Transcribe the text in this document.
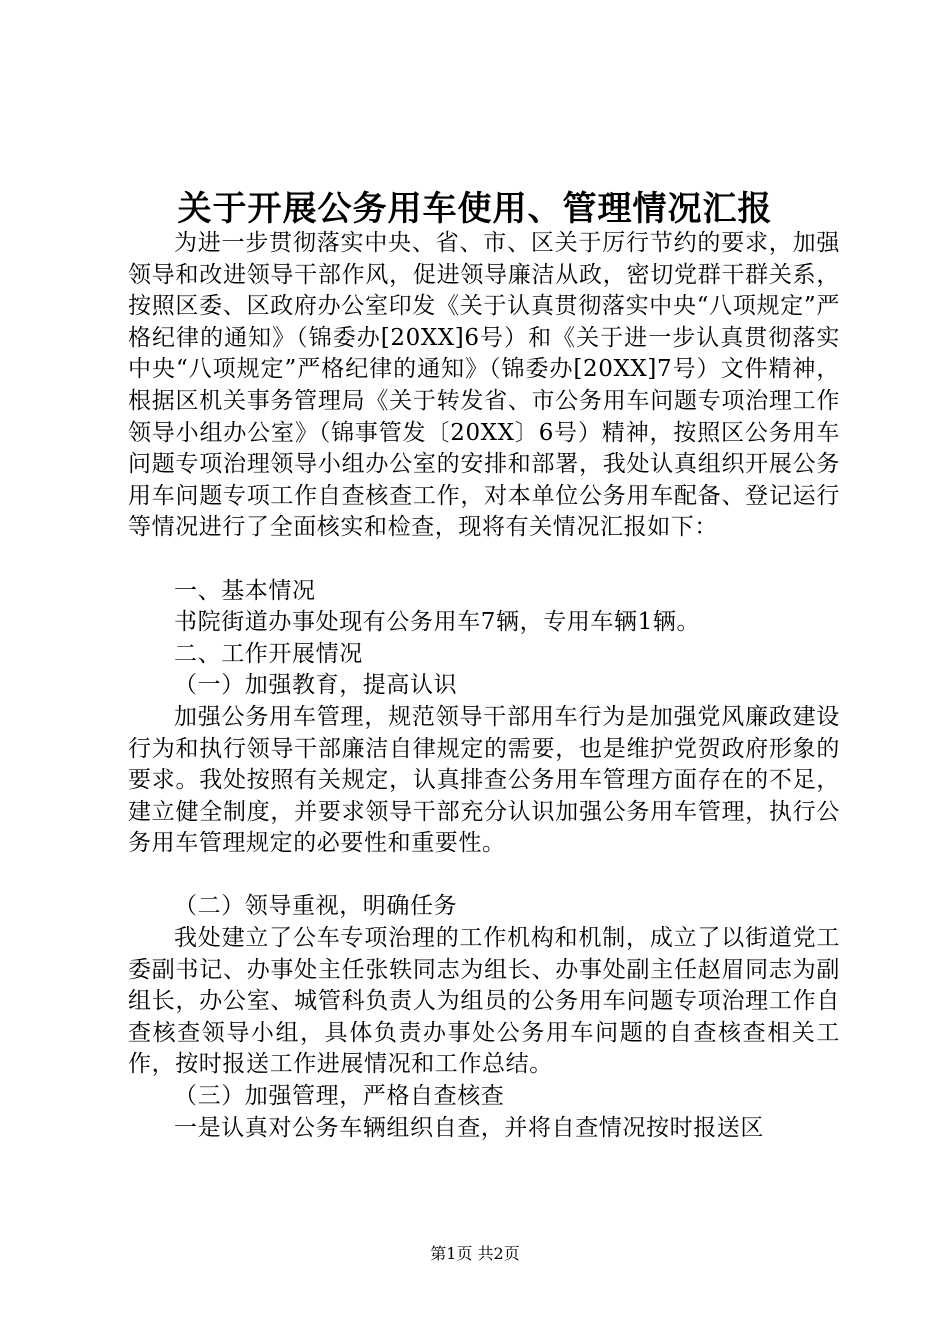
关于开展公务用车使用、管理情况汇报

为进一步贯彻落实中央、省、市、区关于厉行节约的要求，加强领导和改进领导干部作风，促进领导廉洁从政，密切党群干群关系，按照区委、区政府办公室印发《关于认真贯彻落实中央“八项规定”严格纪律的通知》（锦委办[20XX]6号）和《关于进一步认真贯彻落实中央“八项规定”严格纪律的通知》（锦委办[20XX]7号）文件精神，根据区机关事务管理局《关于转发省、市公务用车问题专项治理工作领导小组办公室》（锦事管发〔20XX〕6号）精神，按照区公务用车问题专项治理领导小组办公室的安排和部署，我处认真组织开展公务用车问题专项工作自查核查工作，对本单位公务用车配备、登记运行等情况进行了全面核实和检查，现将有关情况汇报如下：

一、基本情况

书院街道办事处现有公务用车7辆，专用车辆1辆。

二、工作开展情况

（一）加强教育，提高认识

加强公务用车管理，规范领导干部用车行为是加强党风廉政建设行为和执行领导干部廉洁自律规定的需要，也是维护党贺政府形象的要求。我处按照有关规定，认真排查公务用车管理方面存在的不足，建立健全制度，并要求领导干部充分认识加强公务用车管理，执行公务用车管理规定的必要性和重要性。

（二）领导重视，明确任务

我处建立了公车专项治理的工作机构和机制，成立了以街道党工委副书记、办事处主任张轶同志为组长、办事处副主任赵眉同志为副组长，办公室、城管科负责人为组员的公务用车问题专项治理工作自查核查领导小组，具体负责办事处公务用车问题的自查核查相关工作，按时报送工作进展情况和工作总结。

（三）加强管理，严格自查核查

一是认真对公务车辆组织自查，并将自查情况按时报送区

第1页 共2页
